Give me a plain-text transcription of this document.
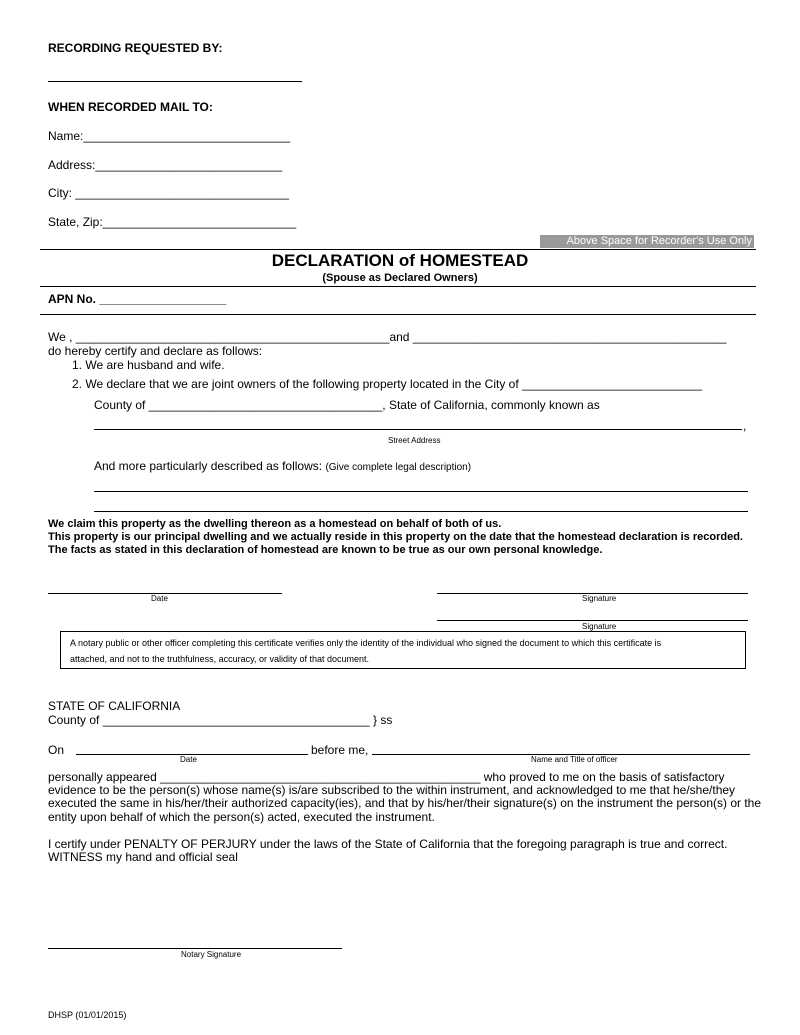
RECORDING REQUESTED BY:
WHEN RECORDED MAIL TO:
Name:_______________________________
Address:____________________________
City: ________________________________
State, Zip:_____________________________
Above Space for Recorder's Use Only
DECLARATION of HOMESTEAD
(Spouse as Declared Owners)
APN No. ___________________
We , _______________________________________________and _______________________________________________
do hereby certify and declare as follows:
1. We are husband and wife.
2. We declare that we are joint owners of the following property located in the City of ___________________________
County of ___________________________________, State of California, commonly known as
,
Street Address
And more particularly described as follows: (Give complete legal description)
We claim this property as the dwelling thereon as a homestead on behalf of both of us.
This property is our principal dwelling and we actually reside in this property on the date that the homestead declaration is recorded.
The facts as stated in this declaration of homestead are known to be true as our own personal knowledge.
Date	Signature
Signature
A notary public or other officer completing this certificate verifies only the identity of the individual who signed the document to which this certificate is
attached, and not to the truthfulness, accuracy, or validity of that document.
STATE OF CALIFORNIA
County of ________________________________________ } ss
On
Date
before me,
Name and Title of officer
personally appeared ________________________________________________ who proved to me on the basis of satisfactory
evidence to be the person(s) whose name(s) is/are subscribed to the within instrument, and acknowledged to me that he/she/they
executed the same in his/her/their authorized capacity(ies), and that by his/her/their signature(s) on the instrument the person(s) or the
entity upon behalf of which the person(s) acted, executed the instrument.
I certify under PENALTY OF PERJURY under the laws of the State of California that the foregoing paragraph is true and correct.
WITNESS my hand and official seal
Notary Signature
DHSP (01/01/2015)
